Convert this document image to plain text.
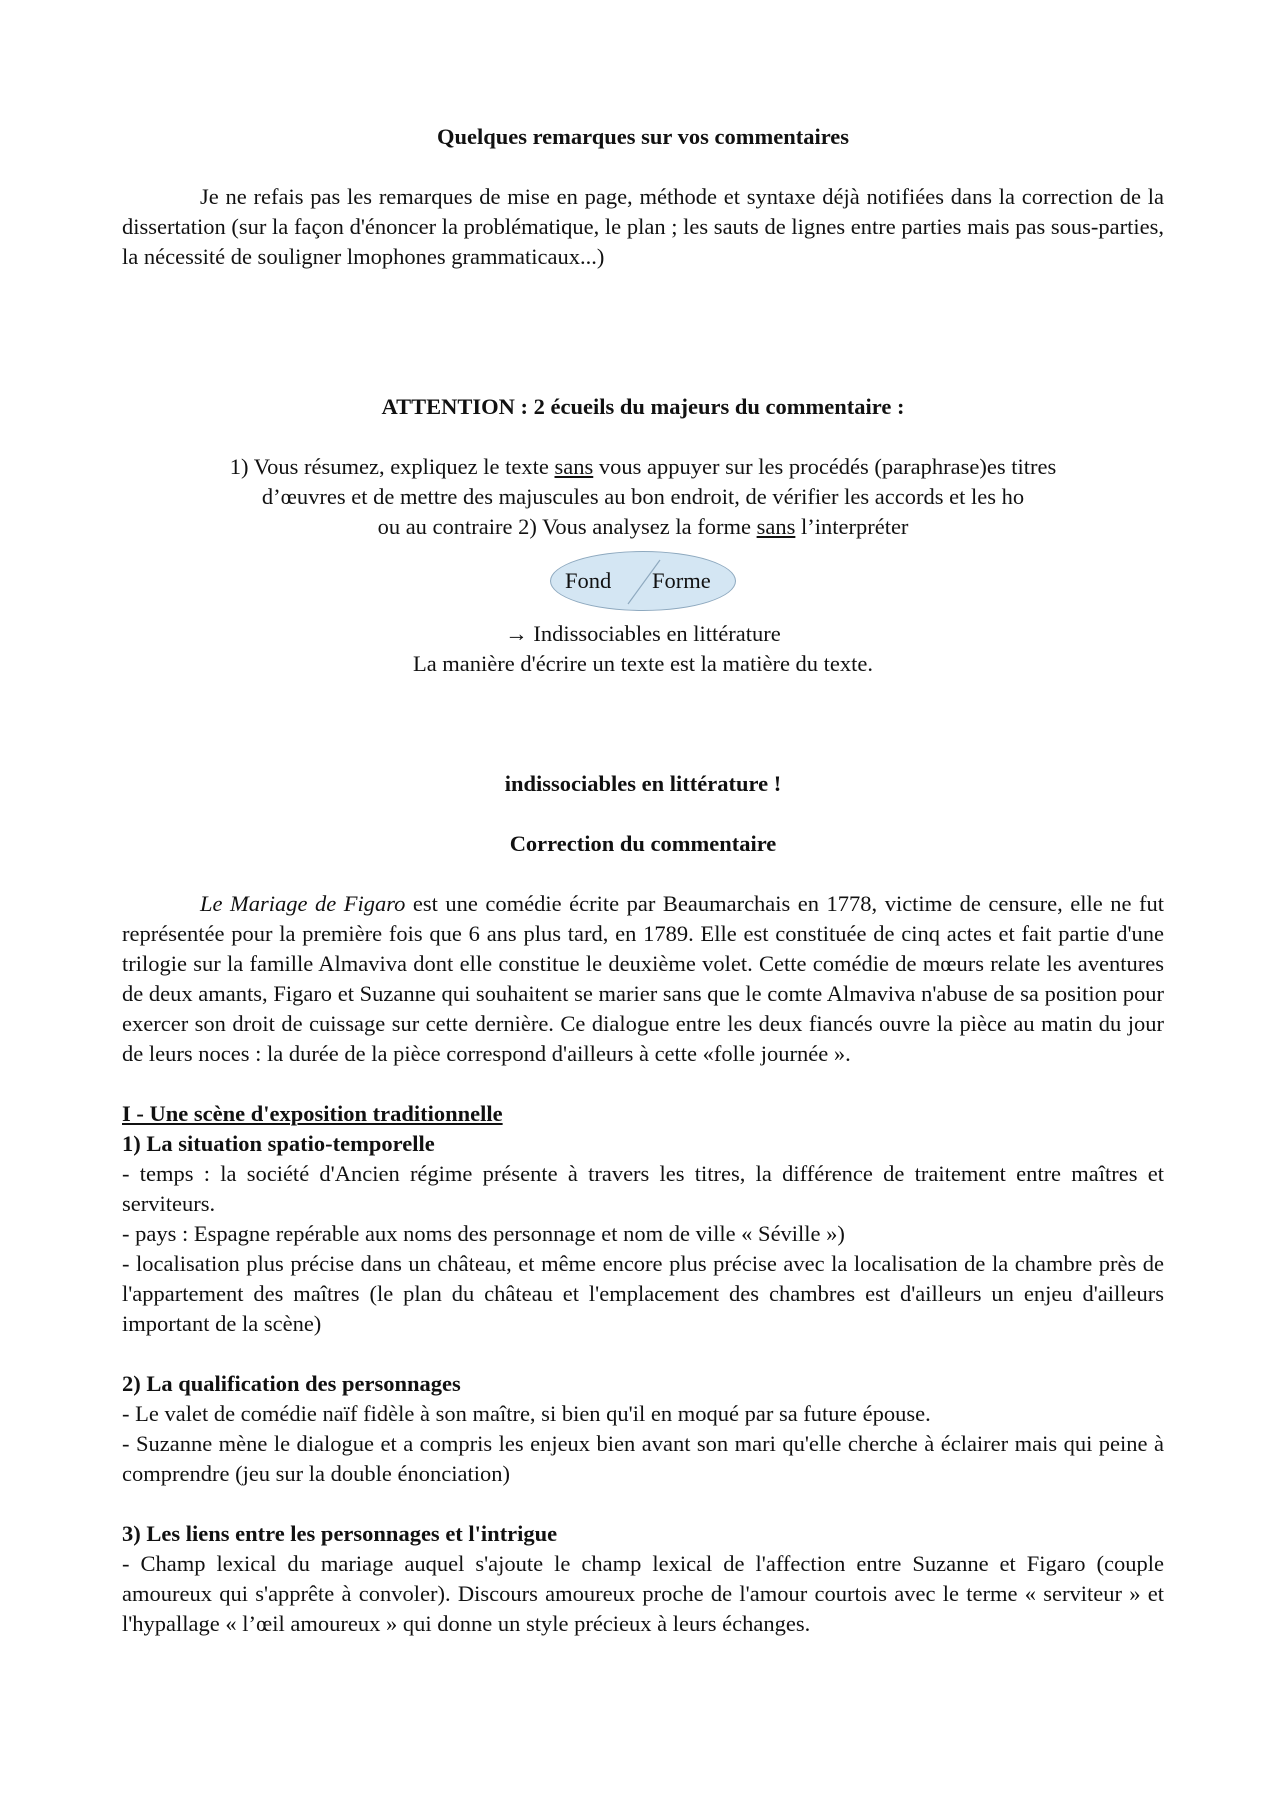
Quelques remarques sur vos commentaires

Je ne refais pas les remarques de mise en page, méthode et syntaxe déjà notifiées dans la correction de la dissertation (sur la façon d'énoncer la problématique, le plan ; les sauts de lignes entre parties mais pas sous-parties, la nécessité de souligner lmophones grammaticaux...)

ATTENTION : 2 écueils du majeurs du commentaire :

1) Vous résumez, expliquez le texte sans vous appuyer sur les procédés (paraphrase)es titres
d’œuvres et de mettre des majuscules au bon endroit, de vérifier les accords et les ho
ou au contraire 2) Vous analysez la forme sans l’interpréter
Fond Forme

→ Indissociables en littérature

La manière d'écrire un texte est la matière du texte.

indissociables en littérature !

Correction du commentaire

Le Mariage de Figaro est une comédie écrite par Beaumarchais en 1778, victime de censure, elle ne fut représentée pour la première fois que 6 ans plus tard, en 1789. Elle est constituée de cinq actes et fait partie d'une trilogie sur la famille Almaviva dont elle constitue le deuxième volet. Cette comédie de mœurs relate les aventures de deux amants, Figaro et Suzanne qui souhaitent se marier sans que le comte Almaviva n'abuse de sa position pour exercer son droit de cuissage sur cette dernière. Ce dialogue entre les deux fiancés ouvre la pièce au matin du jour de leurs noces : la durée de la pièce correspond d'ailleurs à cette «folle journée ».

I - Une scène d'exposition traditionnelle

1) La situation spatio-temporelle

- temps : la société d'Ancien régime présente à travers les titres, la différence de traitement entre maîtres et serviteurs.

- pays : Espagne repérable aux noms des personnage et nom de ville « Séville »)

- localisation plus précise dans un château, et même encore plus précise avec la localisation de la chambre près de l'appartement des maîtres (le plan du château et l'emplacement des chambres est d'ailleurs un enjeu d'ailleurs important de la scène)

2) La qualification des personnages

- Le valet de comédie naïf fidèle à son maître, si bien qu'il en moqué par sa future épouse.

- Suzanne mène le dialogue et a compris les enjeux bien avant son mari qu'elle cherche à éclairer mais qui peine à comprendre (jeu sur la double énonciation)

3) Les liens entre les personnages et l'intrigue

- Champ lexical du mariage auquel s'ajoute le champ lexical de l'affection entre Suzanne et Figaro (couple amoureux qui s'apprête à convoler). Discours amoureux proche de l'amour courtois avec le terme « serviteur » et l'hypallage « l’œil amoureux » qui donne un style précieux à leurs échanges.
